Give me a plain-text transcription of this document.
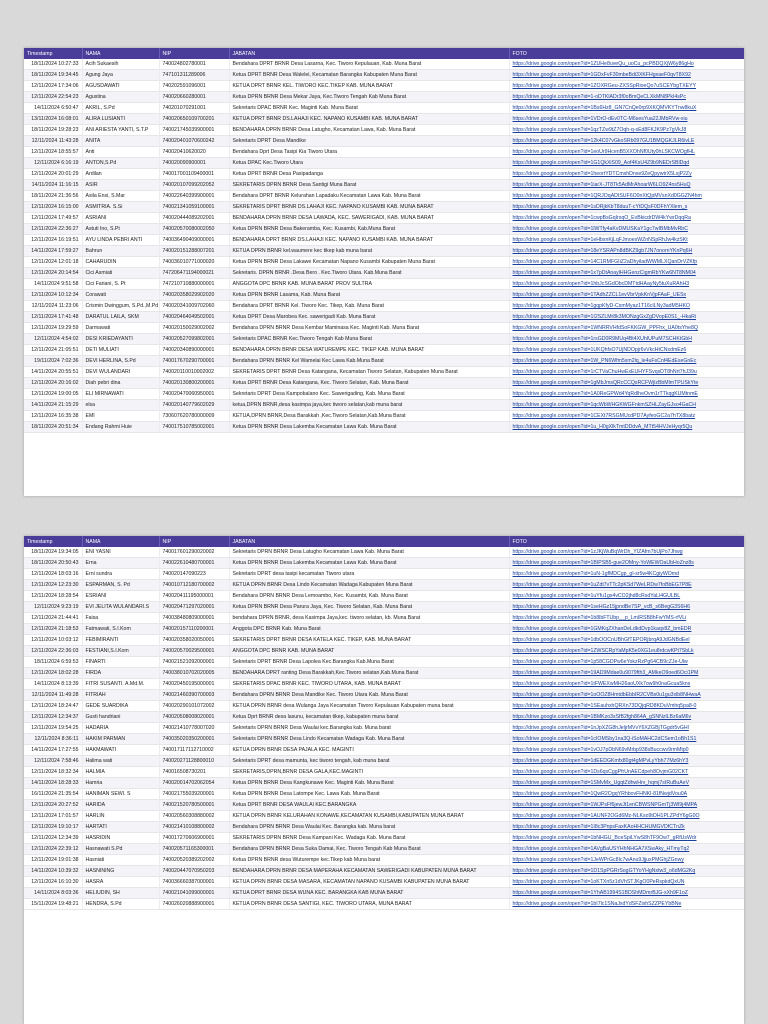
Timestamp	NAMA	NIP	JABATAN	FOTO
18/11/2024 10:27:33	Acih Sukaesih	740024802780001	Bendahara DPRT BRNR Desa Lasarna, Kec. Tiworo Kepulauan, Kab. Muna Barat	https://drive.google.com/open?id=1ZUHe8uveQu_uoCu_pcPBDQXjW6y86gHo
18/11/2024 19:34:45	Agung Jaya	747101311289006	Ketua DPRT BRNR Desa Walelei, Kecamatan Barangka Kabupaten Muna Barat	https://drive.google.com/open?id=1GDxFvF30mbeBdi3XKFHgxaeF0qvT8X92
12/11/2024 17:34:06	AGUSDAWATI	740202591096001	KETUA DPRT BRNR KEL. TIWORO KEC.TIKEP KAB. MUNA BARAT	https://drive.google.com/open?id=1ZOXRGeu-ZXSSpRioeQo7uSCEYbgTXEYY
12/11/2024 22:54:23	Agustina	740020660280001	Ketua DPRN BRNR Desa Mekar Jaya, Kec.Tiworo Tengah Kab Muna Barat	https://drive.google.com/open?id=1-oDTKlADr3f0oBmQeCLXkMN8PkI4sPc
14/11/2024 6:50:47	AKRIL, S.Pd	740201070291001	Sekretaris DPAC BRNR Kec. Maginti Kab. Muna Barat	https://drive.google.com/open?id=1Bs6Hz8_GN7CnQe0rp9XKQMVKYTnw8kuX
13/11/2024 16:08:01	ALIRA LUSIANTI	740020650109700201	KETUA DPRT BRNR DS.LAHAJI KEC. NAPANO KUSAMBI KAB. MUNA BARAT	https://drive.google.com/open?id=1VDrO-dEv0TC-M6sesYua22JMbRVw-xiu
18/11/2024 19:28:23	ANI ARIESTA YANTI, S.T.P	740021745039900001	BENDAHARA DPRN BRNR Desa Latugho, Kecamatan Lawa, Kab. Muna Barat	https://drive.google.com/open?id=1qzTZw9tZ7Oqh-q-sEd8FKJK9Pz7gVkJ8
12/11/2024 11:43:28	ANITA	740020401070600242	Sekretaris DPRT Desa Mandike	https://drive.google.com/open?id=12k4C07vGkoSRb097GU1BMQGKJLR6ivLE
12/11/2024 18:55:57	Anti	740020410620020	Bendahara Dprt Desa Tasipi Kia Tiworo Utara	https://drive.google.com/open?id=1eoUr9HcenB5XXOhNf0Uty0hLSKCWOgfHL
12/11/2024 6:16:19	ANTON,S.Pd	740020090900001	Ketua DPAC Kec.Tiworo Utara	https://drive.google.com/open?id=1G1QkXiS09_Aof4KsU4Z9b9NEDrSBlDqd
12/11/2024 20:01:29	Ardilan	740017001109400001	Ketua DPRT BRNR Desa Pasipadanga	https://drive.google.com/open?id=1heortYDTCmxhDnxe9ZeQpywtrX5LsjP2Zy
14/11/2024 11:16:15	ASIR	740020107099202052	SEKRETARIS DPRN BRNR Desa Santigi Muna Barat	https://drive.google.com/open?id=1iarX-JT8Tk5AdMrAhoarW6LO9Z4ns5HuQ
18/11/2024 21:36:56	Asila Ensi, S.Mar	740022640399900001	Bendahara DPRT BRNR Kelurahan Lapadaku Kecamatan Lawa Kab. Muna Barat	https://drive.google.com/open?id=1QRJOqADISUF6O0nXtQpMVsnXd0GGZN4hm
12/11/2024 16:15:00	ASMITRIA. S.Si	740021341059100001	SEKRETARIS DPRT BRNR DS.LAHAJI KEC. NAPANO KUSAMBI KAB. MUNA BARAT	https://drive.google.com/open?id=1sDRjkKbT8duuT-cYtDQsF0DFhYXlem_s
12/11/2024 17:49:57	ASRIANI	740020444089202001	BENDAHARA DPRN BRNR DESA LAWADA, KEC. SAWERIGADI, KAB. MUNA BARAT	https://drive.google.com/open?id=1cwpBsGqIrxqO_EvBkicdrDW4kYwrDqqRa
12/11/2024 22:36:27	Astuti Ino, S.Pt	740020570080002050	Ketua DPRN BRNR Desa Bakeramba, Kec. Kusambi, Kab.Muna Barat	https://drive.google.com/open?id=1lWTfy4aKvDMUSKaY1gc7wIBMbMvRbC
12/11/2024 16:19:51	AYU LINDA PEBRI ANTI	740036490409000001	BENDAHARA DPRT BRNR DS.LAHAJI KEC. NAPANO KUSAMBI KAB. MUNA BARAT	https://drive.google.com/open?id=1eHbxnKjLqFJmoesWZnNSpRhJw4kzSKt
14/11/2024 17:59:27	Bahrun	740020151288007201	KETUA DPRN BRNR kel.waumere kec tikep kab muna barat	https://drive.google.com/open?id=18eYSRAPn8dBKZ9gb7JN7onornYKnPq6H
12/11/2024 12:01:18	CAHARUDIN	740036010771000020	Ketua DPRN BRNR Desa Lakawe Kecamatan Napano Kusambi Kabupaten Muna Barat	https://drive.google.com/open?id=14C1RMFGIiZ2aDhyiladWWMLXQanDrVZKfp
12/11/2024 20:14:54	Cici Asmiati	747206471194000021	Sekretaris. DPRN BRNR .Desa Bero . Kec.Tiworo Utara. Kab.Muna Barat	https://drive.google.com/open?id=1x7pDtAnaylHHGenzCigmRbYKw6NT8NM04
14/11/2024 9:51:58	Cici Fariani, S. Pt	747210710880000001	ANGGOTA DPC BRNR KAB. MUNA BARAT PROV SULTRA	https://drive.google.com/open?id=1hbJcSGdObcDMTtdHAayNy5tuXuRAhH3
12/11/2024 10:12:34	Corawati	740020358029902020	Ketua DPRN BRNR Lasama, Kab. Muna Barat	https://drive.google.com/open?id=1TAdhZZCL1evVbrVpkKnVjpFAaF_UESx
12/11/2024 11:23:06	Crismin Dwinggum, S.Pd.,M.Pd	740020341009702060	Bendahara DPRT BRNR Kel. Tiworo Kec. Tikep, Kab. Muna Barat	https://drive.google.com/open?id=1gqpKfyD-CsmMyaz1T16clLNy3adM5HKO
12/11/2024 17:41:48	DARATUL LAILA, SKM	740020464049502001	Ketua DPRT Desa Marobea Kec. sawerigadi Kab. Muna Barat	https://drive.google.com/open?id=1I2SZLMr8k3MONzgGxZgDVopE0S1_-HkaRi
12/11/2024 19:29:59	Darmawati	740020150029002002	Bendahara DPRN BRNR Desa Kembar Maminasa Kec. Maginti Kab. Muna Barat	https://drive.google.com/open?id=1WNRRVHfdSoFKKGW_PPFhx_UA0tsYhe8Q
12/11/2024 4:54:02	DESI KRIEDAYANTI	740020527099802001	Sekretaris DPAC BRNR Kec.Tiworo Tengah Kab Muna Barat	https://drive.google.com/open?id=1rsGD0R9MUq4Bt4XUhIUPuM7SCHKtGbH
12/11/2024 21:05:51	DETI MULIATI	740020340890000001	BENDAHARA DPRN BRNR DESA WATUREMPE KEC. TIKEP KAB. MUNA BARAT	https://drive.google.com/open?id=1UKQhfsO7UjNDOpjr6vVkcHtCNxdmEz6
19/11/2024 7:02:36	DEVI HERLINA, S.Pd	740017670290700001	Bendahara DPRN BRNR Kel Wamelai Kec Lawa Kab.Muna Barat	https://drive.google.com/open?id=1W_PN6Wfm5sm2lq_le4uFsCnf4EdEseGnEc
14/11/2024 20:55:51	DEVI WULANDARI	740020110010002002	SEKRETARIS DPRT BRNR Desa Katangana, Kecamatan Tiworo Selatan, Kabupaten Muna Barat	https://drive.google.com/open?id=1rCTVaChuHwExEUHYFSvqsDT8hNrt7hJ39u
12/11/2024 20:16:02	Diah pebri dina	740020130800200001	Ketua DPRT BRNR Desa Katangana, Kec. Tiworo Selatan, Kab. Muna Barat	https://drive.google.com/open?id=1gMbJmsQRcCCQsRCFWjlzBbMlmTPUSkYte
12/11/2024 19:00:05	ELI MIRNAWATI	740020470060950001	Sekretaris DPRT Desa Kampobalano Kec. Sawerigading, Kab. Muna Barat	https://drive.google.com/open?id=1A0ReGPWd4YqRdlheOvm1rTTkqgKUMtnmE
14/11/2024 21:15:29	elsa	740020140779602029	ketua,DPRN BRNR,desa kasimpa jaya,kec tiworo selatan,kab muna barat	https://drive.google.com/open?id=1qcWbWHGKWGFnkmSZHLZayGJso4GaCH
12/11/2024 16:35:38	EMI	730607620780000009	KETUA,DPRN BRNR,Desa Barakkah ,Kec.Tiworo Selatan,Kab.Muna Barat	https://drive.google.com/open?id=1CEXt7RSGMUcdPD7AyfeoGC2a7hTX8batz
18/11/2024 20:51:34	Endang Rahmi Huie	740017510785002001	Ketua DPRN BRNR Desa Lakemba Kecamatan Lawa Kab. Muna Barat	https://drive.google.com/open?id=1u_H0gXlkTmtDDdvA_MTt54HVJeHyqr5Qu
Timestamp	NAMA	NIP	JABATAN	FOTO
18/11/2024 19:34:05	ENI YASNI	740017601290020002	Sekretaris DPRN BRNR Desa Latugho Kecamatan Lawa Kab. Muna Barat	https://drive.google.com/open?id=1zJKjWuBqWrDh_YIZAfm7bUjPo7Jhwg
18/11/2024 20:50:43	Erna	740022610480700001	Ketua DPRN BRNR Desa Lakemba Kecamatan Lawa Kab. Muna Barat	https://drive.google.com/open?id=1BIPSB5-gue2OMny-YoWEWOaUbHoZnz8s
12/11/2024 18:03:16	Erni sundra	740020147090223	Sekretaris DPRT desa tasipi kecamatan Tiworo utara	https://drive.google.com/open?id=1uN-1gfMDCgp_gl-sr5w4KCgiyWOmd
12/11/2024 12:23:30	ESPARMAN, S. Pd	740010712180700002	KETUA DPRN BRNR Desa Lindo Kecamatan Wadaga Kabupaten Muna Barat	https://drive.google.com/open?id=1uZdt7vTTc2pKSd7WeLRDw7foBbEG7P8E
12/11/2024 18:28:54	ESRIANI	740020411195000001	Bendahara DPRN BRNR Desa Lemoambo, Kec. Kusambi, Kab. Muna Barat	https://drive.google.com/open?id=1uYfu1gx4vCO2jhd8cRsdYaLl4GULBL
12/11/2024 9:23:19	EVI JELITA WULANDARI.S	740020471297020001	Ketua DPRN BRNR Desa Parura Jaya, Kec. Tiworo Selatan, Kab. Muna Barat	https://drive.google.com/open?id=1seHGz15jpndBe7SP_vcB_s6BegG3S6H6
12/11/2024 21:44:41	Faisa	740038480809000001	bendahara DPRN BRNR, desa Kasimpa Jaya,kec. tiworo selatan, kb. Muna Barat	https://drive.google.com/open?id=1b8lbFTUbp__p_LmIRSB8hFwYMS-rfVLi
12/11/2024 21:18:53	Fatmawati, S.I.Kom	740020157110200001	Anggota DPC BRNR Kab. Muna Barat	https://drive.google.com/open?id=1GMKqZXhanDeLdkdDvp1kaqv8Z_bmEDR
12/11/2024 10:03:12	FEBIMIRANTI	740020358020050001	SEKRETARIS DPRT BRNR DESA KATELA KEC. TIKEP, KAB. MUNA BARAT	https://drive.google.com/open?id=1dbOOCnUBhGfTEPORjbrqA9JdGNBdEeI
12/11/2024 22:36:03	FESTIANI,S.I.Kom	740020570029500001	ANGGOTA DPC BRNR KAB. MUNA BARAT	https://drive.google.com/open?id=1ZWSCRpYaMpK5e0XG1eu8rdcwKPt7SbLk
18/11/2024 6:59:53	FINARTI	740021521092000001	Sekretaris DPRT BRNR Desa Lapolea Kec.Barangka Kab.Muna Barat	https://drive.google.com/open?id=1p58CGDPw6eYokzRzPg64CB9cZJe-Ulw
12/11/2024 18:02:28	FIRDA	740038010702020005	BENDAHARA DPRT ranting Desa Barakkah,Kec.Tiworo selatan,Kab.Muna Barat	https://drive.google.com/open?id=19AD9Mdae0u9079fth3_AMkeO9oed6Oci1PM
14/11/2024 8:13:39	FITRI SUSANTI. A.Md.M.	740020450195000001	SEKRETARIS DPAC BRNR KEC. TIWORO UTARA, KAB. MUNA BARAT	https://drive.google.com/open?id=1tFWEXwMH26aoUXk7ow9h0naGcua5kns
12/11/2024 11:49:28	FITRIAH	740021460390700003	Bendahara DPRN BRNR Desa Mandike Kec. Tiworo Utara Kab. Muna Barat	https://drive.google.com/open?id=1oOOZ8HmtdbEbbIR2CVBs0u1gu3xlb8NHwaA
12/11/2024 18:24:47	GEDE SUARDIKA	740020290101072002	KETUA DPRN BRNR desa Wulanga Jaya Kecamatan Tiworo Kepulauan Kabupaten muna barat	https://drive.google.com/open?id=1SEauhxhQRXn73DQjqRD8KDuVmhq5pa8-0
12/11/2024 12:34:37	Gusti handriani	740020508008020001	Ketua Dprt BRNR desa lasunu, kecamatan tikep, kabupaten muna barat	https://drive.google.com/open?id=1BMKzo3sSfB2fgh864A_gSNNzlLBz6aM6v
12/11/2024 19:54:25	HADARIA	740021410778007020	Sekretaris DPRN BRNR Desa Waulai kec.Barangka kab. Muna barat	https://drive.google.com/open?id=1nJpXZG8hJeljrMVvY6XZGBjTGgdr5vGHl
12/11/2024 8:36:11	HAKIM PARMAN	740035020350200001	Sekretaris DPRN BRNR Desa Lindo Kecamatan Wadaga Kab. Muna Barat	https://drive.google.com/open?id=1cIOMSby1na3Q-iSoMAHC2dCSem1oBh1S1
14/11/2024 17:27:55	HAKMAWATI	740017117112710002	KETUA DPRN BRNR DESA PAJALA KEC. MAGINTI	https://drive.google.com/open?id=1vOJ7pDbN69vMrbp938sBuccwv9rmMtp0
12/11/2024 7:58:46	Halima wati	740020271128800010	Sekretaris DPRT desa mamunta, kec tiworo tengah, kab muna barat	https://drive.google.com/open?id=1dEEDGKmfx80gt4gMPvLyYbh77Mz6hY3
12/11/2024 18:32:34	HALMIA	740016508730201	SEKRETARIS,DPRN,BRNR DESA GALA,KEC.MAGINTI	https://drive.google.com/open?id=1Ds6qsCggPfrUnAECdpeh8OvjmG02CKT
14/11/2024 18:28:33	Hamria	740020014702062054	Ketua DPRN BRNR Desa Kangkunawe Kec. Maginti Kab. Muna Barat	https://drive.google.com/open?id=1SMvMx_UgqtZdhwHrv_hqmj7sIRuBuAeV
16/11/2024 21:35:54	HANIMAN SEWI. S	740021755039200001	Ketua DPRN BRNR Desa Latompe Kec. Lawa Kab. Muna Barat	https://drive.google.com/open?id=1QwR2OgqYRhbovFHNKl-81fNwjdVou0A
12/11/2024 20:27:52	HARIDA	740021520780500001	Ketua DPRT BRNR DESA WAULAI KEC.BARANGKA	https://drive.google.com/open?id=1WJPsFf6jewJt1enCBWSNPGmTj3Wl9j4MPA
12/11/2024 17:01:57	HARLIN	740020560308880002	KETUA DPRN BRNR KELURAHAN KONAWE,KECAMATAN KUSAMBI,KABUPATEN MUNA BARAT	https://drive.google.com/open?id=1AUNF2OGd6Mz-NLKso9tOH1PLZPdY6gG0O
12/11/2024 19:10:17	HARTATI	740021410108800002	Bendahara DPRN BRNR Desa Waulai Kec. Barangka kab. Muna barat	https://drive.google.com/open?id=1I8c3PnpsFaxKAoHHCHUMGVDfCTnZk
12/11/2024 12:34:39	HASRIDIN	740017270606900001	SEKRETARIS DPRN BRNR Desa Kampani Kec. Wadaga Kab. Muna Barat	https://drive.google.com/open?id=1bNHGU_BceSpiLYwS8hTF9Ow7_gRfUsWdr
12/11/2024 22:39:12	Hasnawati S.Pd	740020571165300001	Bendahara DPRN BRNR Desa Suka Damai, Kec. Tiworo Tengah Kab Muna Barat	https://drive.google.com/open?id=1AVgBaUSYHhNHGA7XSwAky_HTmyTq2
12/11/2024 19:01:38	Hasniati	740020520389202002	Ketua DPRN BRNR desa Wuturempe kec.Tikep kab Muna barat	https://drive.google.com/open?id=1JeWPrGc8Ic7wAnu9JjjuxPMGhjZGnwy
14/11/2024 10:39:32	HASNINING	740020447070950203	BENDAHARA DPRN BRNR DESA MAPERAHA KECAMATAN SAWERIGADI KABUPATEN MUNA BARAT	https://drive.google.com/open?id=1D1SpPGRrSogGTYoYHgNxtw3_o6dMG2Kq
12/11/2024 16:10:30	HASRA	740036660387000001	KETUA DPRN BRNR DESA MASARA, KECAMATAN NAPANO KUSAMBI KABUPATEN MUNA BARAT	https://drive.google.com/open?id=1oKTXn5z1dVhSTJKgO0PeRspkdQxUN
14/11/2024 8:03:36	HELIUDIN, SH	740021041099000001	KETUA DPRT BRNR DESA WUNA KEC. BARANGKA KAB MUNA BARAT	https://drive.google.com/open?id=1YhAB1994S1BDShMDmrBJG-xXh9F1oZ
15/11/2024 19:48:21	HENDRA, S.Pd	740026020888900001	KETUA DPRN BRNR DESA SANTIGI, KEC. TIWORO UTARA, MUNA BARAT	https://drive.google.com/open?id=1bI7lc1SNaJxdYdSFZixhSZZPEYbBNe
